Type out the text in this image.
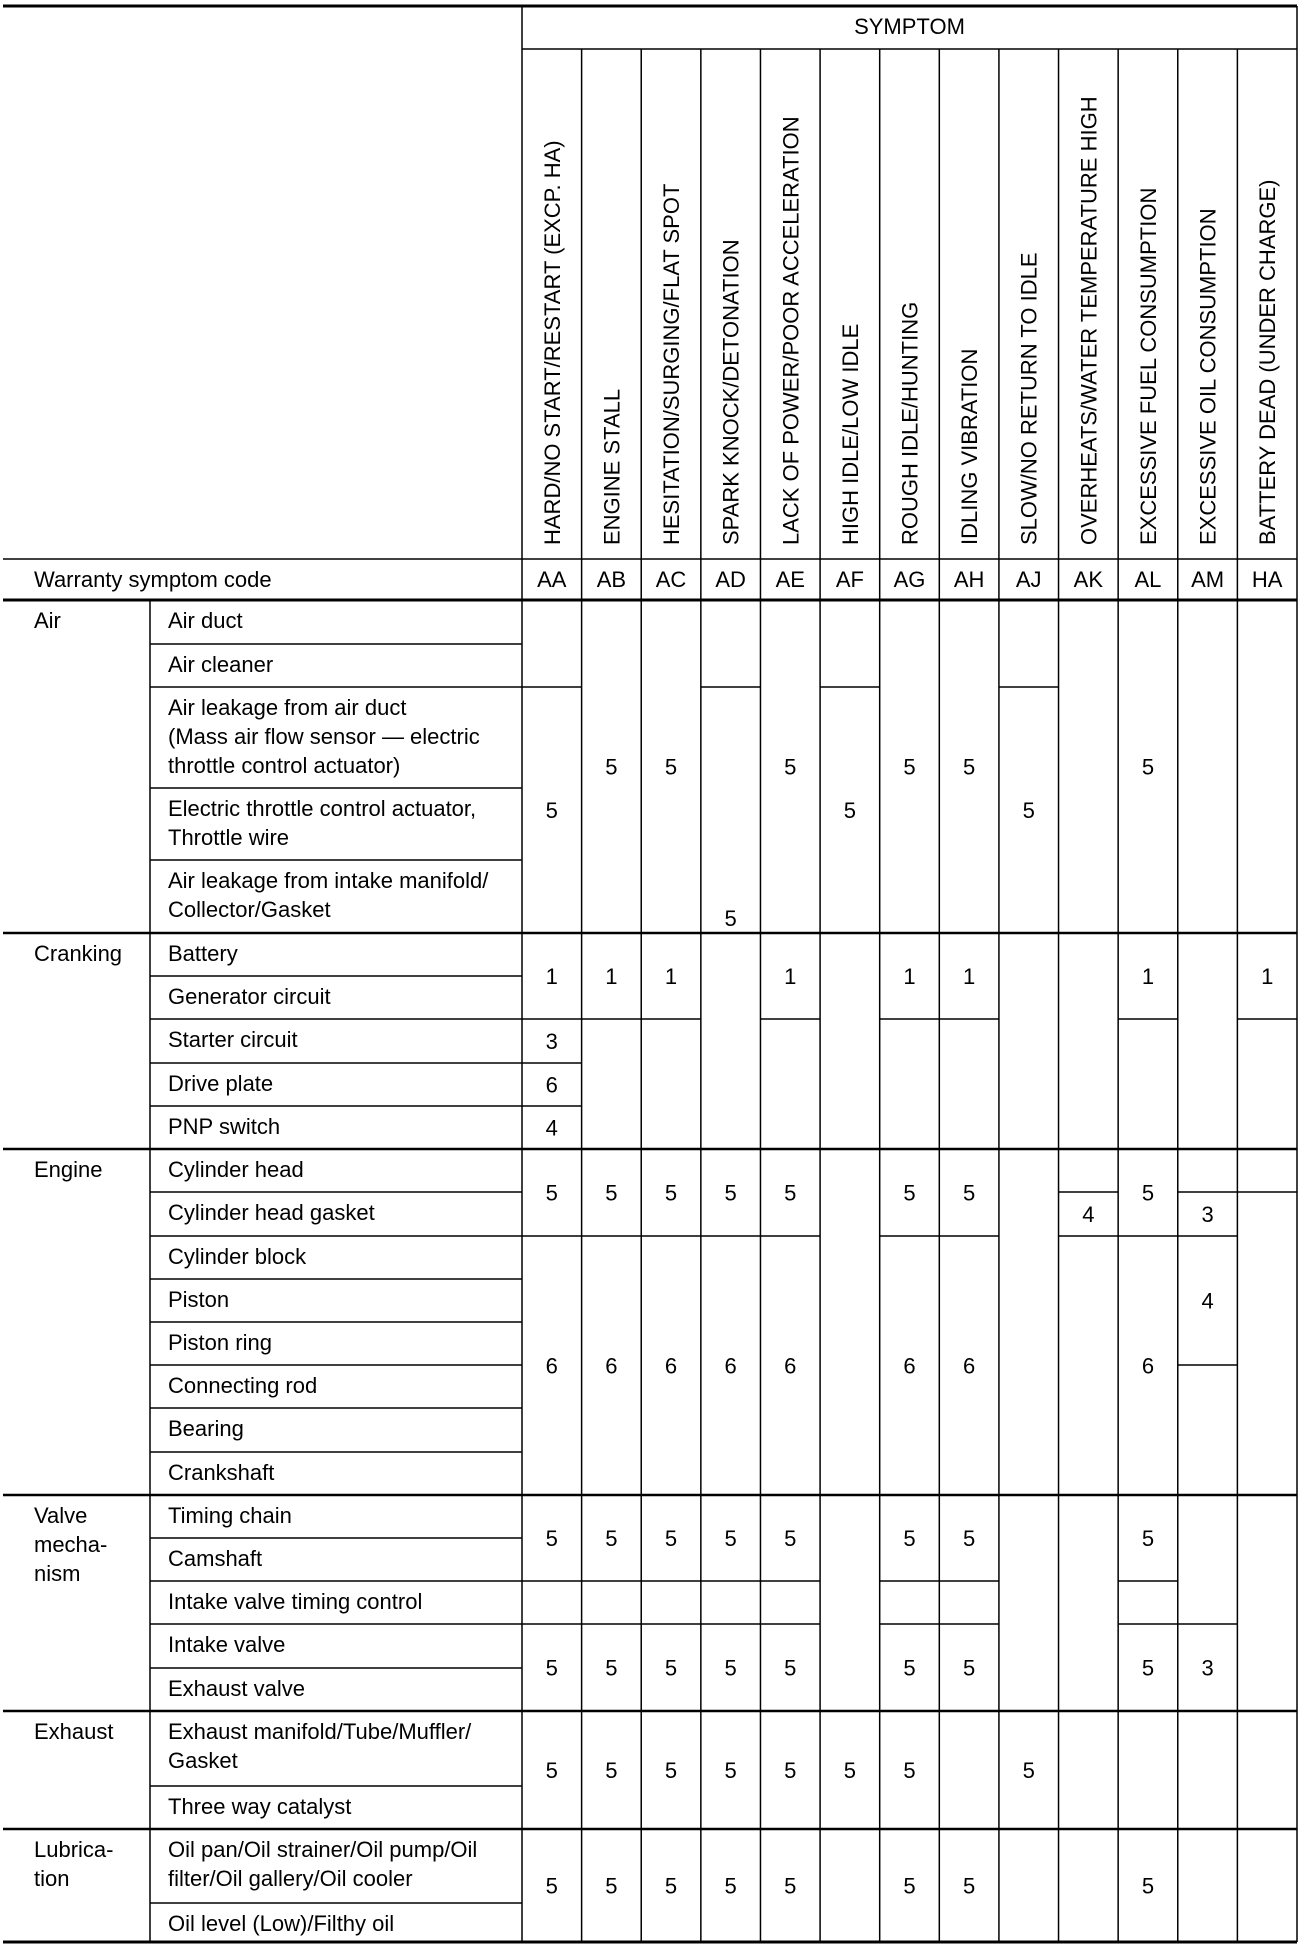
SYMPTOM
Warranty symptom code
HARD/NO START/RESTART (EXCP. HA)
AA
ENGINE STALL
AB
HESITATION/SURGING/FLAT SPOT
AC
SPARK KNOCK/DETONATION
AD
LACK OF POWER/POOR ACCELERATION
AE
HIGH IDLE/LOW IDLE
AF
ROUGH IDLE/HUNTING
AG
IDLING VIBRATION
AH
SLOW/NO RETURN TO IDLE
AJ
OVERHEATS/WATER TEMPERATURE HIGH
AK
EXCESSIVE FUEL CONSUMPTION
AL
EXCESSIVE OIL CONSUMPTION
AM
BATTERY DEAD (UNDER CHARGE)
HA
Air duct
Air cleaner
Air leakage from air duct
(Mass air flow sensor — electric
throttle control actuator)
Electric throttle control actuator,
Throttle wire
Air leakage from intake manifold/
Collector/Gasket
Air
Battery
Generator circuit
Starter circuit
Drive plate
PNP switch
Cranking
Cylinder head
Cylinder head gasket
Cylinder block
Piston
Piston ring
Connecting rod
Bearing
Crankshaft
Engine
Timing chain
Camshaft
Intake valve timing control
Intake valve
Exhaust valve
Valve
mecha-
nism
Exhaust manifold/Tube/Muffler/
Gasket
Three way catalyst
Exhaust
Oil pan/Oil strainer/Oil pump/Oil
filter/Oil gallery/Oil cooler
Oil level (Low)/Filthy oil
Lubrica-
tion
5
1
3
6
4
5
6
5
5
5
5
5
1
5
6
5
5
5
5
5
1
5
6
5
5
5
5
5
5
6
5
5
5
5
5
1
5
6
5
5
5
5
5
5
5
1
5
6
5
5
5
5
5
1
5
6
5
5
5
5
5
4
5
1
5
6
5
5
5
3
4
3
1
